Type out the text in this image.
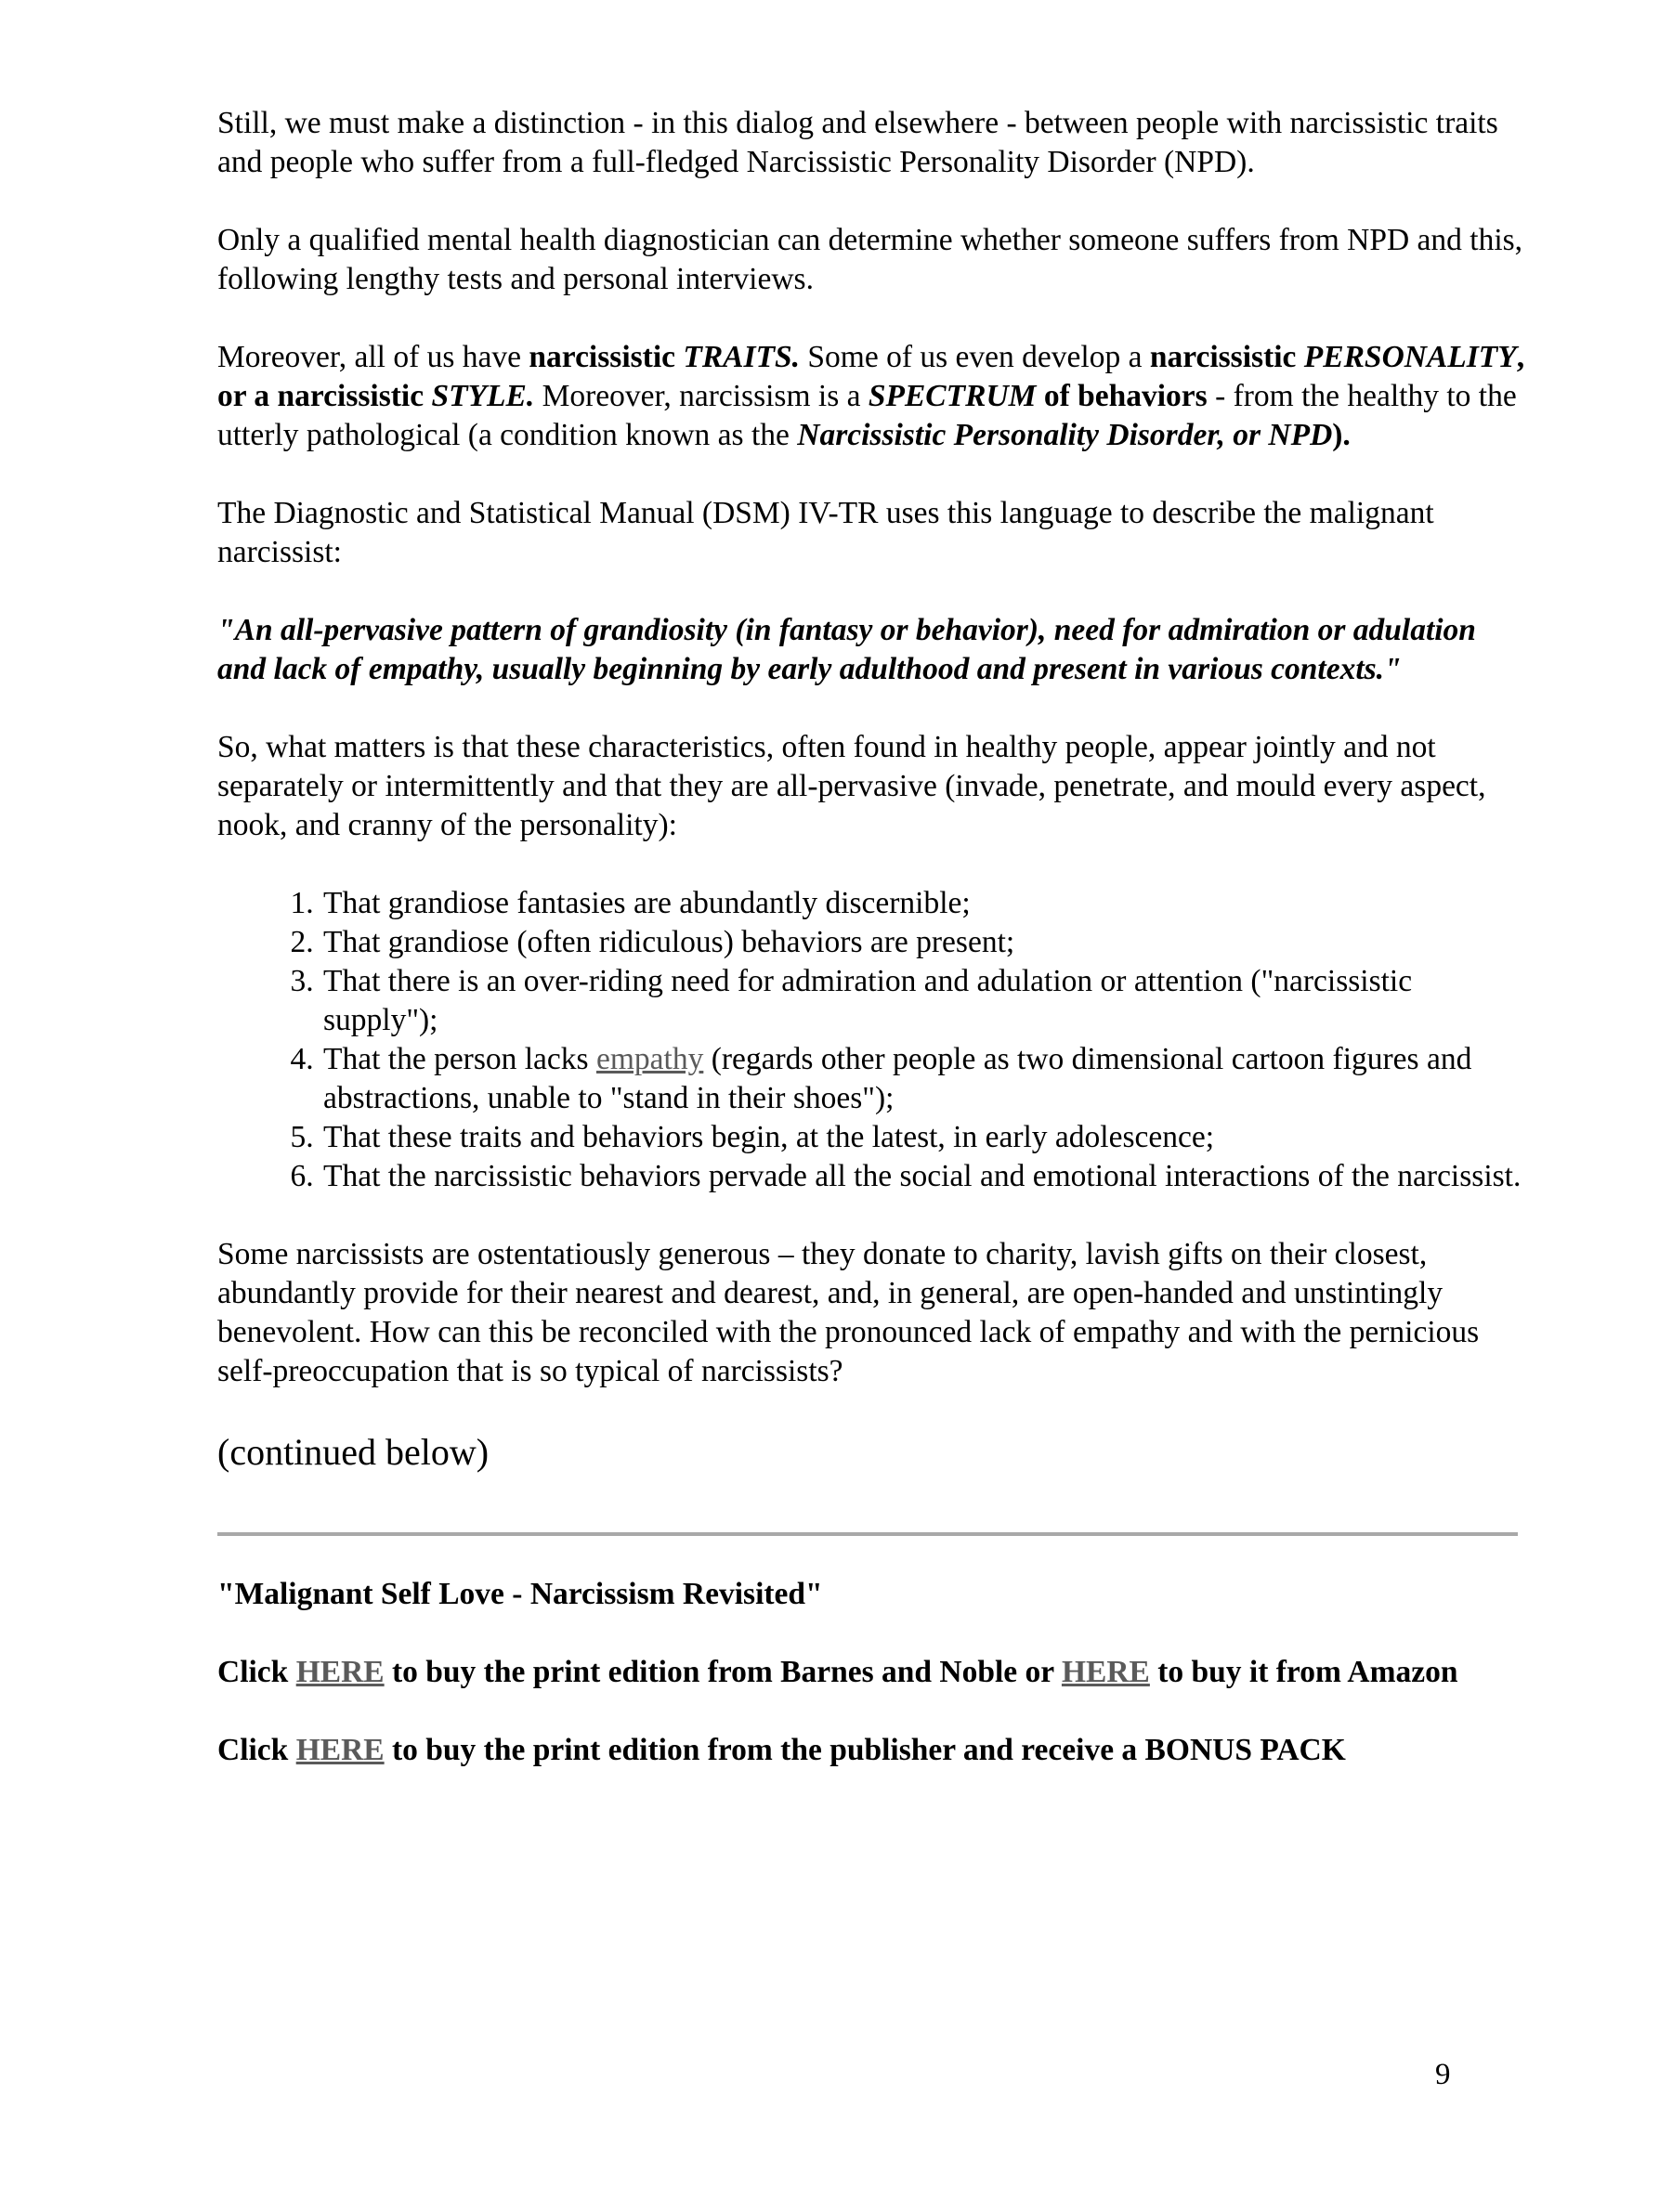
Still, we must make a distinction - in this dialog and elsewhere - between people with narcissistic traits and people who suffer from a full-fledged Narcissistic Personality Disorder (NPD).

Only a qualified mental health diagnostician can determine whether someone suffers from NPD and this, following lengthy tests and personal interviews.

Moreover, all of us have narcissistic TRAITS. Some of us even develop a narcissistic PERSONALITY, or a narcissistic STYLE. Moreover, narcissism is a SPECTRUM of behaviors - from the healthy to the utterly pathological (a condition known as the Narcissistic Personality Disorder, or NPD).

The Diagnostic and Statistical Manual (DSM) IV-TR uses this language to describe the malignant narcissist:

"An all-pervasive pattern of grandiosity (in fantasy or behavior), need for admiration or adulation and lack of empathy, usually beginning by early adulthood and present in various contexts."

So, what matters is that these characteristics, often found in healthy people, appear jointly and not separately or intermittently and that they are all-pervasive (invade, penetrate, and mould every aspect, nook, and cranny of the personality):

1. That grandiose fantasies are abundantly discernible;
2. That grandiose (often ridiculous) behaviors are present;
3. That there is an over-riding need for admiration and adulation or attention ("narcissistic supply");
4. That the person lacks empathy (regards other people as two dimensional cartoon figures and abstractions, unable to "stand in their shoes");
5. That these traits and behaviors begin, at the latest, in early adolescence;
6. That the narcissistic behaviors pervade all the social and emotional interactions of the narcissist.

Some narcissists are ostentatiously generous – they donate to charity, lavish gifts on their closest, abundantly provide for their nearest and dearest, and, in general, are open-handed and unstintingly benevolent. How can this be reconciled with the pronounced lack of empathy and with the pernicious self-preoccupation that is so typical of narcissists?

(continued below)

"Malignant Self Love - Narcissism Revisited"

Click HERE to buy the print edition from Barnes and Noble or HERE to buy it from Amazon

Click HERE to buy the print edition from the publisher and receive a BONUS PACK

9
